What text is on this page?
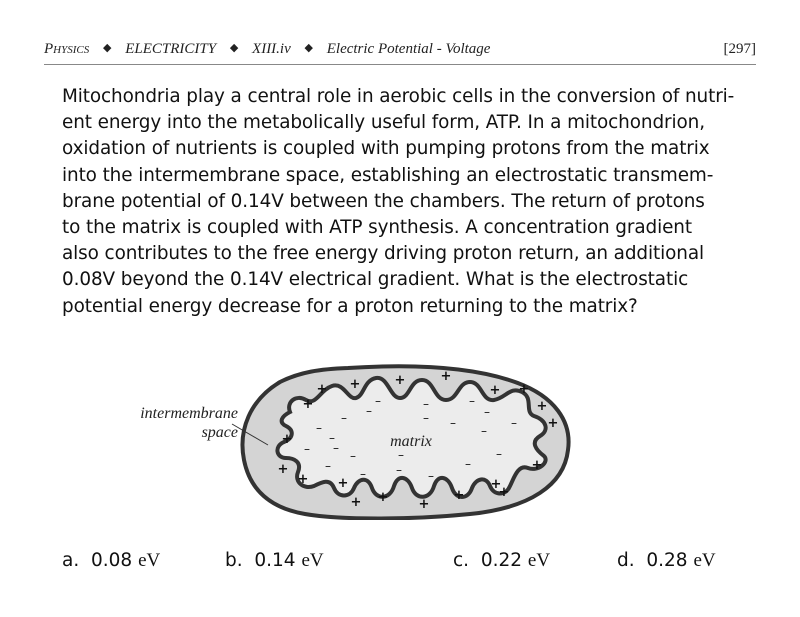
Physics ◆ ELECTRICITY ◆ XIII.iv ◆ Electric Potential - Voltage	[297]
Mitochondria play a central role in aerobic cells in the conversion of nutri-
ent energy into the metabolically useful form, ATP. In a mitochondrion,
oxidation of nutrients is coupled with pumping protons from the matrix
into the intermembrane space, establishing an electrostatic transmem-
brane potential of 0.14V between the chambers. The return of protons
to the matrix is coupled with ATP synthesis. A concentration gradient
also contributes to the free energy driving proton return, an additional
0.08V beyond the 0.14V electrical gradient. What is the electrostatic
potential energy decrease for a proton returning to the matrix?
intermembrane
space
matrix
+
+ +	+	+
+ +
+
+
+
+
+ +
+ + +
+
+
+
+
–
–
–
–
– –
–
–
–
–
–
–
–
–	–	–
–
–	– –
–
–
a. 0.08 eV	b. 0.14 eV	c. 0.22 eV	d. 0.28 eV
